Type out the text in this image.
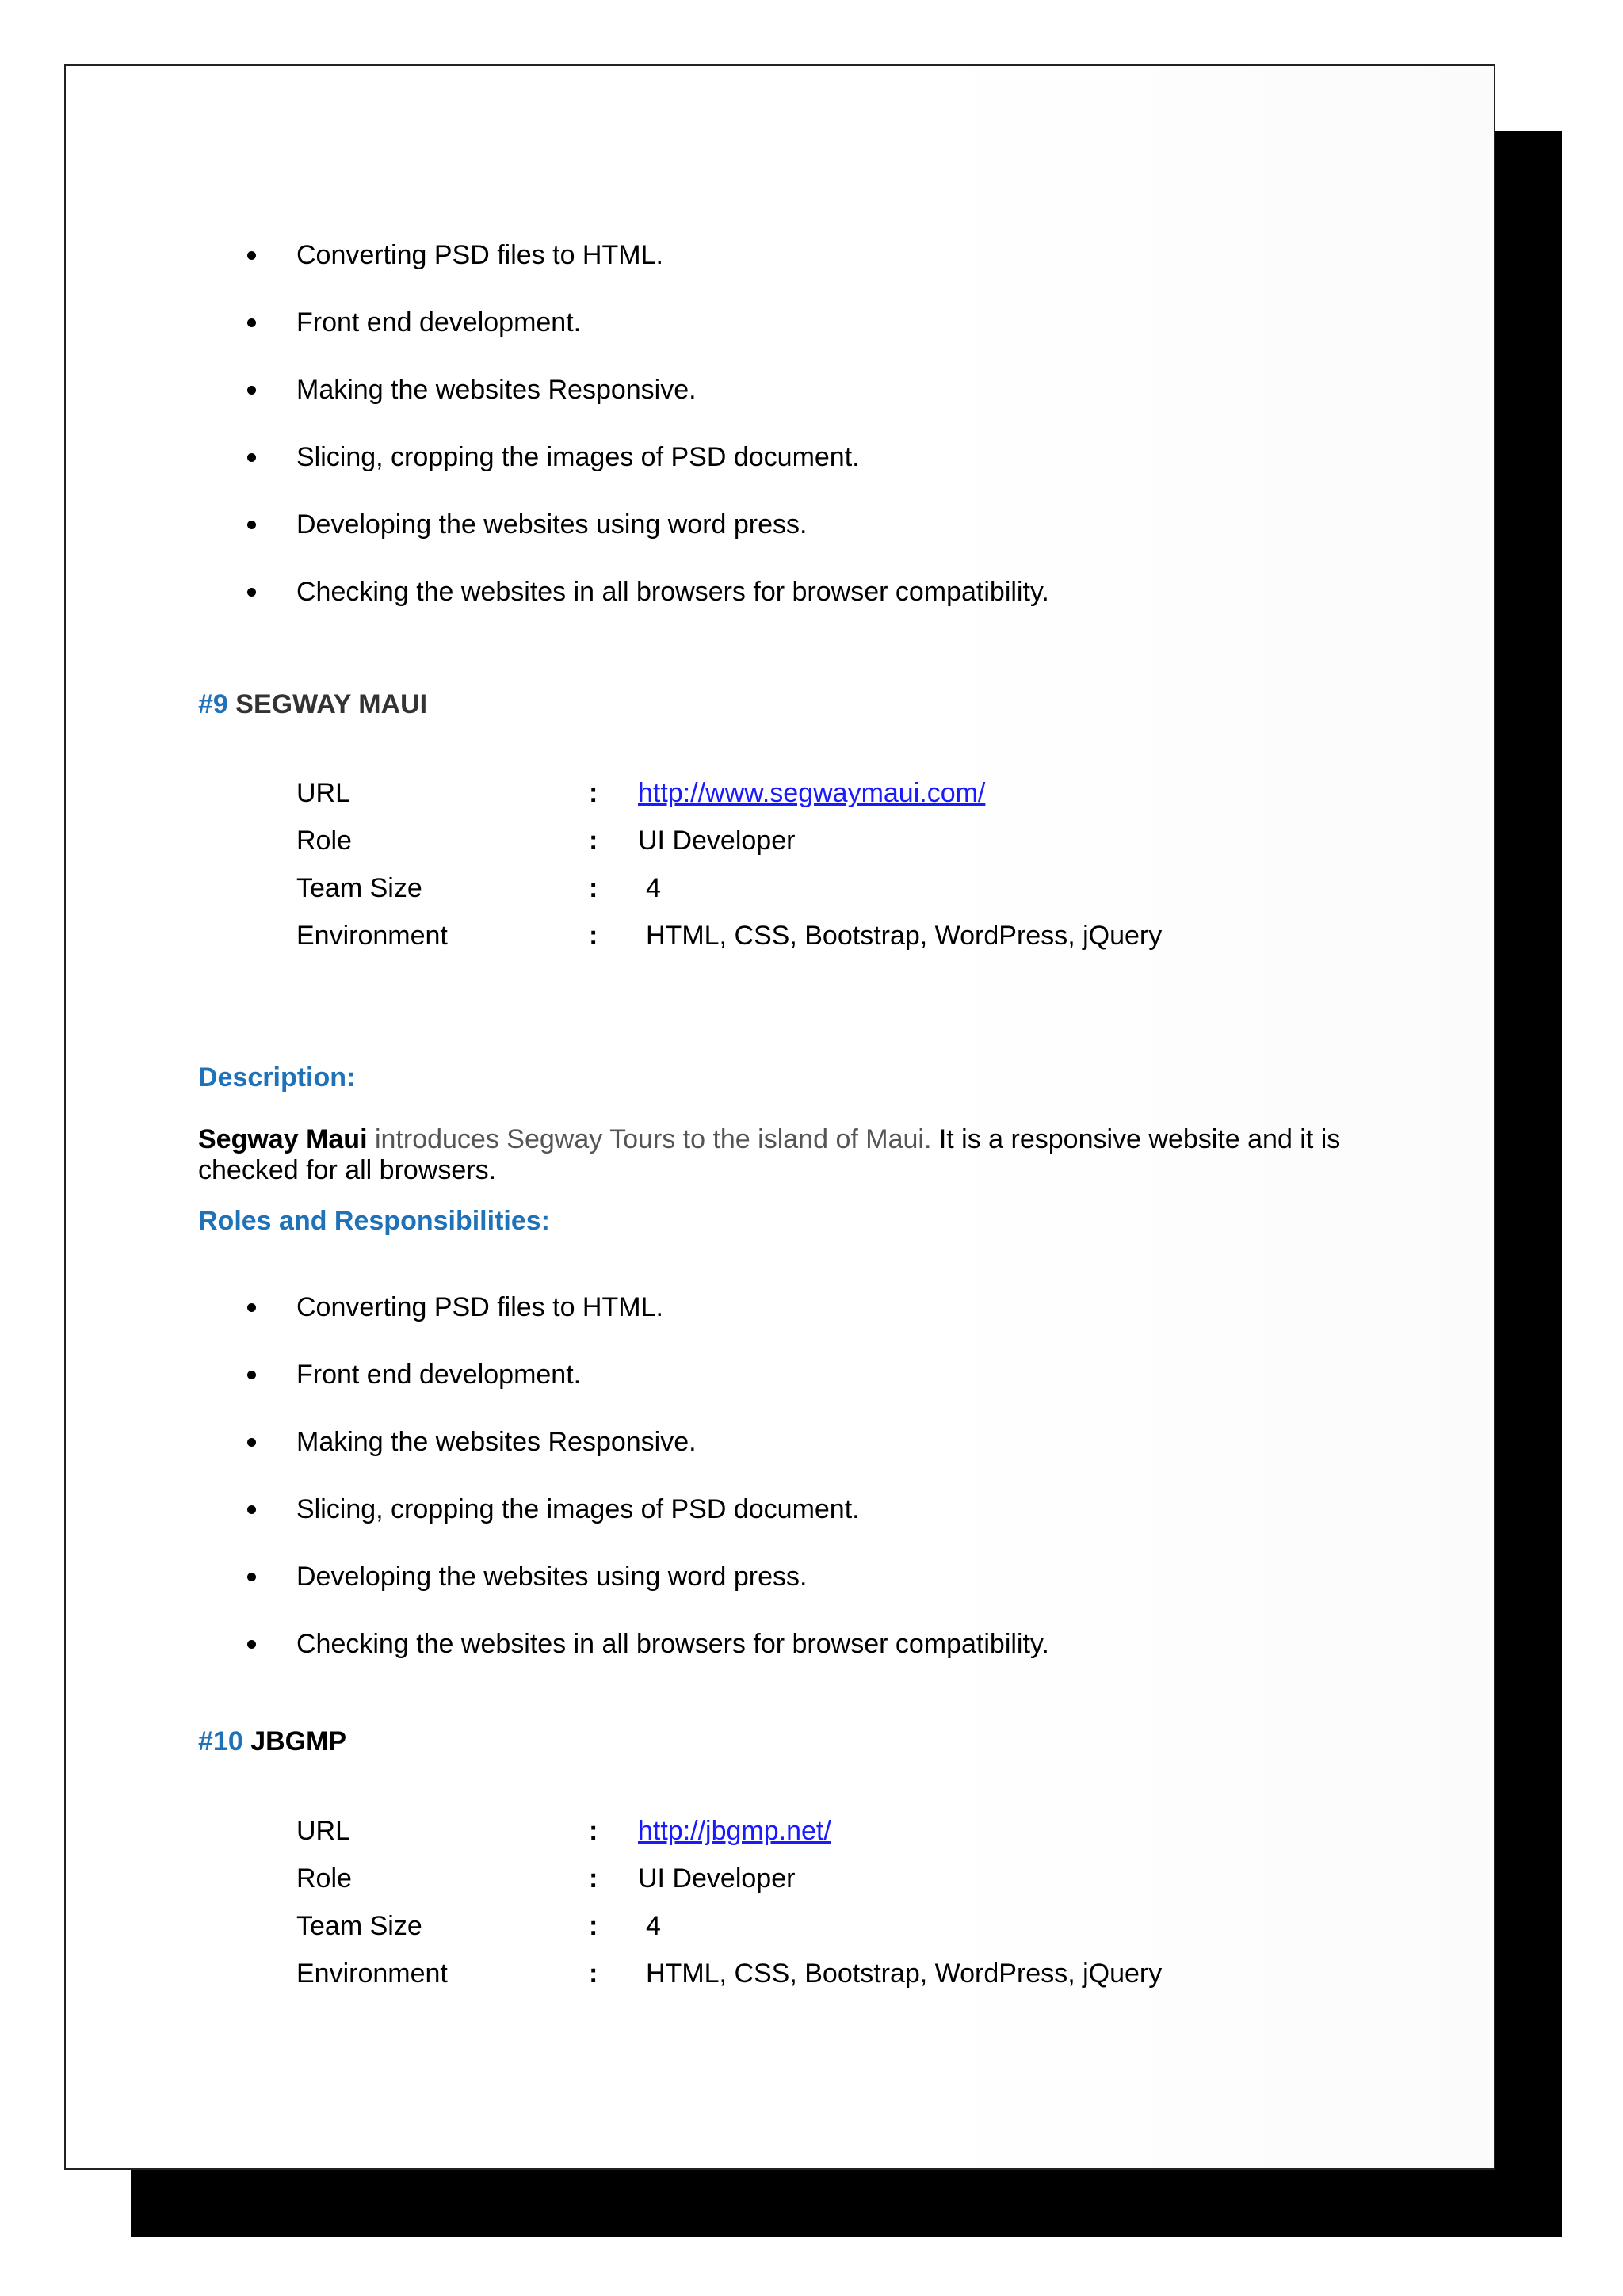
Converting PSD files to HTML.
Front end development.
Making the websites Responsive.
Slicing, cropping the images of PSD document.
Developing the websites using word press.
Checking the websites in all browsers for browser compatibility.
#9 SEGWAY MAUI
URL	: http://www.segwaymaui.com/
Role	: UI Developer
Team Size	: 4
Environment	: HTML, CSS, Bootstrap, WordPress, jQuery
Description:
Segway Maui introduces Segway Tours to the island of Maui. It is a responsive website and it is checked for all browsers.
Roles and Responsibilities:
Converting PSD files to HTML.
Front end development.
Making the websites Responsive.
Slicing, cropping the images of PSD document.
Developing the websites using word press.
Checking the websites in all browsers for browser compatibility.
#10 JBGMP
URL	: http://jbgmp.net/
Role	: UI Developer
Team Size	: 4
Environment	: HTML, CSS, Bootstrap, WordPress, jQuery
